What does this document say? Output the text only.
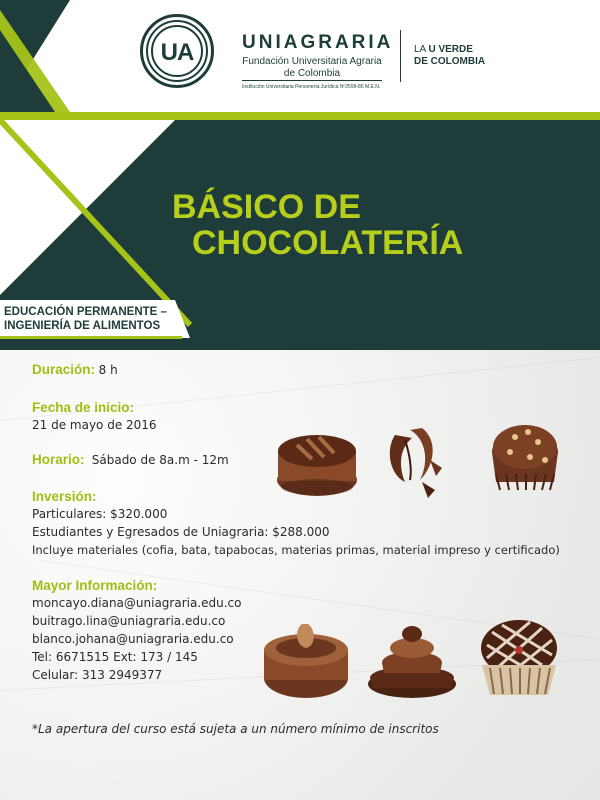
UA	UNIAGRARIA
Fundación Universitaria Agraria
de Colombia
Institución Universitaria Personería Jurídica Nº2599-86 M.E.N.
LA U VERDE
DE COLOMBIA
BÁSICO DE
CHOCOLATERÍA
EDUCACIÓN PERMANENTE –
INGENIERÍA DE ALIMENTOS
Duración: 8 h
Fecha de inicio:
21 de mayo de 2016
Horario: Sábado de 8a.m - 12m
Inversión:
Particulares: $320.000
Estudiantes y Egresados de Uniagraria: $288.000
Incluye materiales (cofia, bata, tapabocas, materias primas, material impreso y certificado)
Mayor Información:
moncayo.diana@uniagraria.edu.co
buitrago.lina@uniagraria.edu.co
blanco.johana@uniagraria.edu.co
Tel: 6671515 Ext: 173 / 145
Celular: 313 2949377
*La apertura del curso está sujeta a un número mínimo de inscritos
